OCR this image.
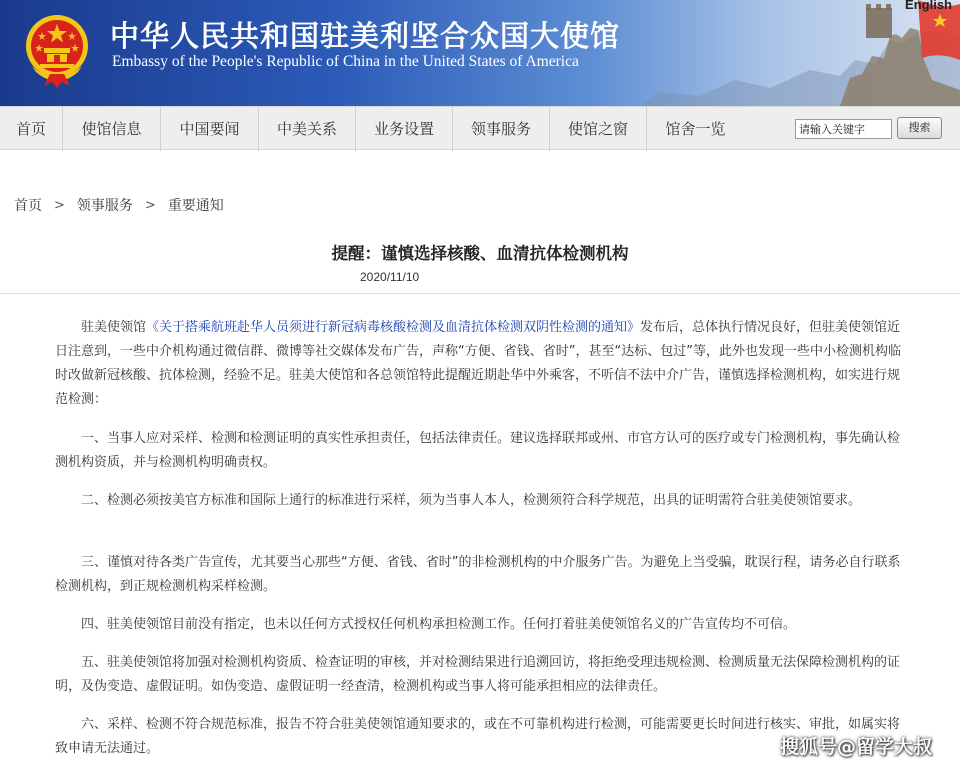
中华人民共和国驻美利坚合众国大使馆
Embassy of the People's Republic of China in the United States of America
English
首页	使馆信息	中国要闻	中美关系	业务设置	领事服务	使馆之窗	馆舍一览
请输入关键字	搜索
首页 > 领事服务 > 重要通知
提醒：谨慎选择核酸、血清抗体检测机构
2020/11/10
驻美使领馆《关于搭乘航班赴华人员须进行新冠病毒核酸检测及血清抗体检测双阴性检测的通知》发布后，总体执行情况良好，但驻美使领馆近日注意到，一些中介机构通过微信群、微博等社交媒体发布广告，声称“方便、省钱、省时”，甚至“达标、包过”等，此外也发现一些中小检测机构临时改做新冠核酸、抗体检测，经验不足。驻美大使馆和各总领馆特此提醒近期赴华中外乘客，不听信不法中介广告，谨慎选择检测机构，如实进行规范检测：
一、当事人应对采样、检测和检测证明的真实性承担责任，包括法律责任。建议选择联邦或州、市官方认可的医疗或专门检测机构，事先确认检测机构资质，并与检测机构明确责权。
二、检测必须按美官方标准和国际上通行的标准进行采样，须为当事人本人，检测须符合科学规范，出具的证明需符合驻美使领馆要求。
三、谨慎对待各类广告宣传，尤其要当心那些“方便、省钱、省时”的非检测机构的中介服务广告。为避免上当受骗，耽误行程，请务必自行联系检测机构，到正规检测机构采样检测。
四、驻美使领馆目前没有指定，也未以任何方式授权任何机构承担检测工作。任何打着驻美使领馆名义的广告宣传均不可信。
五、驻美使领馆将加强对检测机构资质、检查证明的审核，并对检测结果进行追溯回访，将拒绝受理违规检测、检测质量无法保障检测机构的证明，及伪变造、虚假证明。如伪变造、虚假证明一经查清，检测机构或当事人将可能承担相应的法律责任。
六、采样、检测不符合规范标准，报告不符合驻美使领馆通知要求的，或在不可靠机构进行检测，可能需要更长时间进行核实、审批，如属实将致申请无法通过。	搜狐号@留学大叔
